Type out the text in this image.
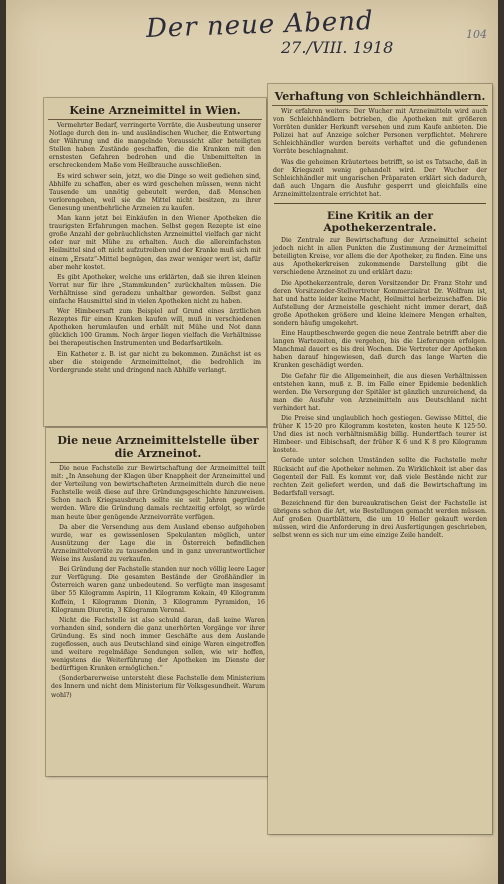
Der neue Abend
27./VIII. 1918
104
Keine Arzneimittel in Wien.

Vermehrter Bedarf, verringerte Vorräte, die Ausbeutung unserer Notlage durch den in- und ausländischen Wucher, die Entwertung der Währung und die mangelnde Voraussicht aller beteiligten Stellen haben Zustände geschaffen, die die Kranken mit den ernstesten Gefahren bedrohen und die Unbemittelten in erschreckendem Maße vom Heilbrauche ausschließen.

Es wird schwer sein, jetzt, wo die Dinge so weit gediehen sind, Abhilfe zu schaffen, aber es wird geschehen müssen, wenn nicht Tausende um unnötig gebeutelt werden, daß Menschen verlorengehen, weil sie die Mittel nicht besitzen, zu ihrer Genesung unentbehrliche Arzneien zu kaufen.

Man kann jetzt bei Einkäufen in den Wiener Apotheken die traurigsten Erfahrungen machen. Selbst gegen Rezepte ist eine große Anzahl der gebräuchlichsten Arzneimittel vielfach gar nicht oder nur mit Mühe zu erhalten. Auch die allereinfachsten Heilmittel sind oft nicht aufzutreiben und der Kranke muß sich mit einem „Ersatz“-Mittel begnügen, das zwar weniger wert ist, dafür aber mehr kostet.

Es gibt Apotheker, welche uns erklärten, daß sie ihren kleinen Vorrat nur für ihre „Stammkunden“ zurückhalten müssen. Die Verhältnisse sind geradezu unhaltbar geworden. Selbst ganz einfache Hausmittel sind in vielen Apotheken nicht zu haben.

Wer Himbeersaft zum Beispiel auf Grund eines ärztlichen Rezeptes für einen Kranken kaufen will, muß in verschiedenen Apotheken herumlaufen und erhält mit Mühe und Not dann glücklich 100 Gramm. Noch ärger liegen vielfach die Verhältnisse bei therapeutischen Instrumenten und Bedarfsartikeln.

Ein Katheter z. B. ist gar nicht zu bekommen. Zunächst ist es aber die steigende Arzneimittelnot, die bedrohlich im Vordergrunde steht und dringend nach Abhilfe verlangt.

Die neue Arzneimittelstelle über die Arzneinot.

Die neue Fachstelle zur Bewirtschaftung der Arzneimittel teilt mit: „In Ansehung der Klagen über Knappheit der Arzneimittel und der Verteilung von bewirtschafteten Arzneimitteln durch die neue Fachstelle weiß diese auf ihre Gründungsgeschichte hinzuweisen. Schon nach Kriegsausbruch sollte sie seit Jahren gegründet werden. Wäre die Gründung damals rechtzeitig erfolgt, so würde man heute über genügende Arzneivorräte verfügen.

Da aber die Versendung aus dem Ausland ebenso aufgehoben wurde, war es gewissenlosen Spekulanten möglich, unter Ausnützung der Lage die in Österreich befindlichen Arzneimittelvorräte zu tausenden und in ganz unverantwortlicher Weise ins Ausland zu verkaufen.

Bei Gründung der Fachstelle standen nur noch völlig leere Lager zur Verfügung. Die gesamten Bestände der Großhändler in Österreich waren ganz unbedeutend. So verfügte man insgesamt über 55 Kilogramm Aspirin, 11 Kilogramm Kokain, 49 Kilogramm Koffein, 1 Kilogramm Dionin, 3 Kilogramm Pyramidon, 16 Kilogramm Diuretin, 3 Kilogramm Veronal.

Nicht die Fachstelle ist also schuld daran, daß keine Waren vorhanden sind, sondern die ganz unerhörten Vorgänge vor ihrer Gründung. Es sind noch immer Geschäfte aus dem Auslande zugeflossen, auch aus Deutschland sind einige Waren eingetroffen und weitere regelmäßige Sendungen sollen, wie wir hoffen, wenigstens die Weiterführung der Apotheken im Dienste der bedürftigen Kranken ermöglichen.“

(Sonderbarerweise untersteht diese Fachstelle dem Ministerium des Innern und nicht dem Ministerium für Volksgesundheit. Warum wohl?)

Verhaftung von Schleichhändlern.

Wir erfahren weiters: Der Wucher mit Arzneimitteln wird auch von Schleichhändlern betrieben, die Apotheken mit größeren Vorräten dunkler Herkunft versehen und zum Kaufe anbieten. Die Polizei hat auf Anzeige solcher Personen verpflichtet. Mehrere Schleichhändler wurden bereits verhaftet und die gefundenen Vorräte beschlagnahmt.

Was die geheimen Kräutertees betrifft, so ist es Tatsache, daß in der Kriegszeit wenig gehandelt wird. Der Wucher der Schleichhändler mit ungarischen Präparaten erklärt sich dadurch, daß auch Ungarn die Ausfuhr gesperrt und gleichfalls eine Arzneimittelzentrale errichtet hat.

Eine Kritik an der Apothekerzentrale.

Die Zentrale zur Bewirtschaftung der Arzneimittel scheint jedoch nicht in allen Punkten die Zustimmung der Arzneimittel beteiligten Kreise, vor allem die der Apotheker, zu finden. Eine uns aus Apothekerkreisen zukommende Darstellung gibt die verschiedene Arzneinot zu und erklärt dazu:

Die Apothekerzentrale, deren Vorsitzender Dr. Franz Stohr und deren Vorsitzender-Stellvertreter Kommerzialrat Dr. Wolfram ist, hat und hatte leider keine Macht, Heilmittel herbeizuschaffen. Die Aufstellung der Arzneistelle geschieht nicht immer derart, daß große Apotheken größere und kleine kleinere Mengen erhalten, sondern häufig umgekehrt.

Eine Hauptbeschwerde gegen die neue Zentrale betrifft aber die langen Wartezeiten, die vergehen, bis die Lieferungen erfolgen. Manchmal dauert es bis drei Wochen. Die Vertreter der Apotheken haben darauf hingewiesen, daß durch das lange Warten die Kranken geschädigt werden.

Die Gefahr für die Allgemeinheit, die aus diesen Verhältnissen entstehen kann, muß z. B. im Falle einer Epidemie bedenklich werden. Die Versorgung der Spitäler ist gänzlich unzureichend, da man die Ausfuhr von Arzneimitteln aus Deutschland nicht verhindert hat.

Die Preise sind unglaublich hoch gestiegen. Gewisse Mittel, die früher K 15·20 pro Kilogramm kosteten, kosten heute K 125·50. Und dies ist noch verhältnismäßig billig. Hundertfach teurer ist Himbeer- und Eibischsaft, der früher K 6 und K 8 pro Kilogramm kostete.

Gerade unter solchen Umständen sollte die Fachstelle mehr Rücksicht auf die Apotheker nehmen. Zu Wirklichkeit ist aber das Gegenteil der Fall. Es kommt vor, daß viele Bestände nicht zur rechten Zeit geliefert werden, und daß die Bewirtschaftung im Bedarfsfall versagt.

Bezeichnend für den bureaukratischen Geist der Fachstelle ist übrigens schon die Art, wie Bestellungen gemacht werden müssen. Auf großen Quartblättern, die um 10 Heller gekauft werden müssen, wird die Anforderung in drei Ausfertigungen geschrieben, selbst wenn es sich nur um eine einzige Zeile handelt.
